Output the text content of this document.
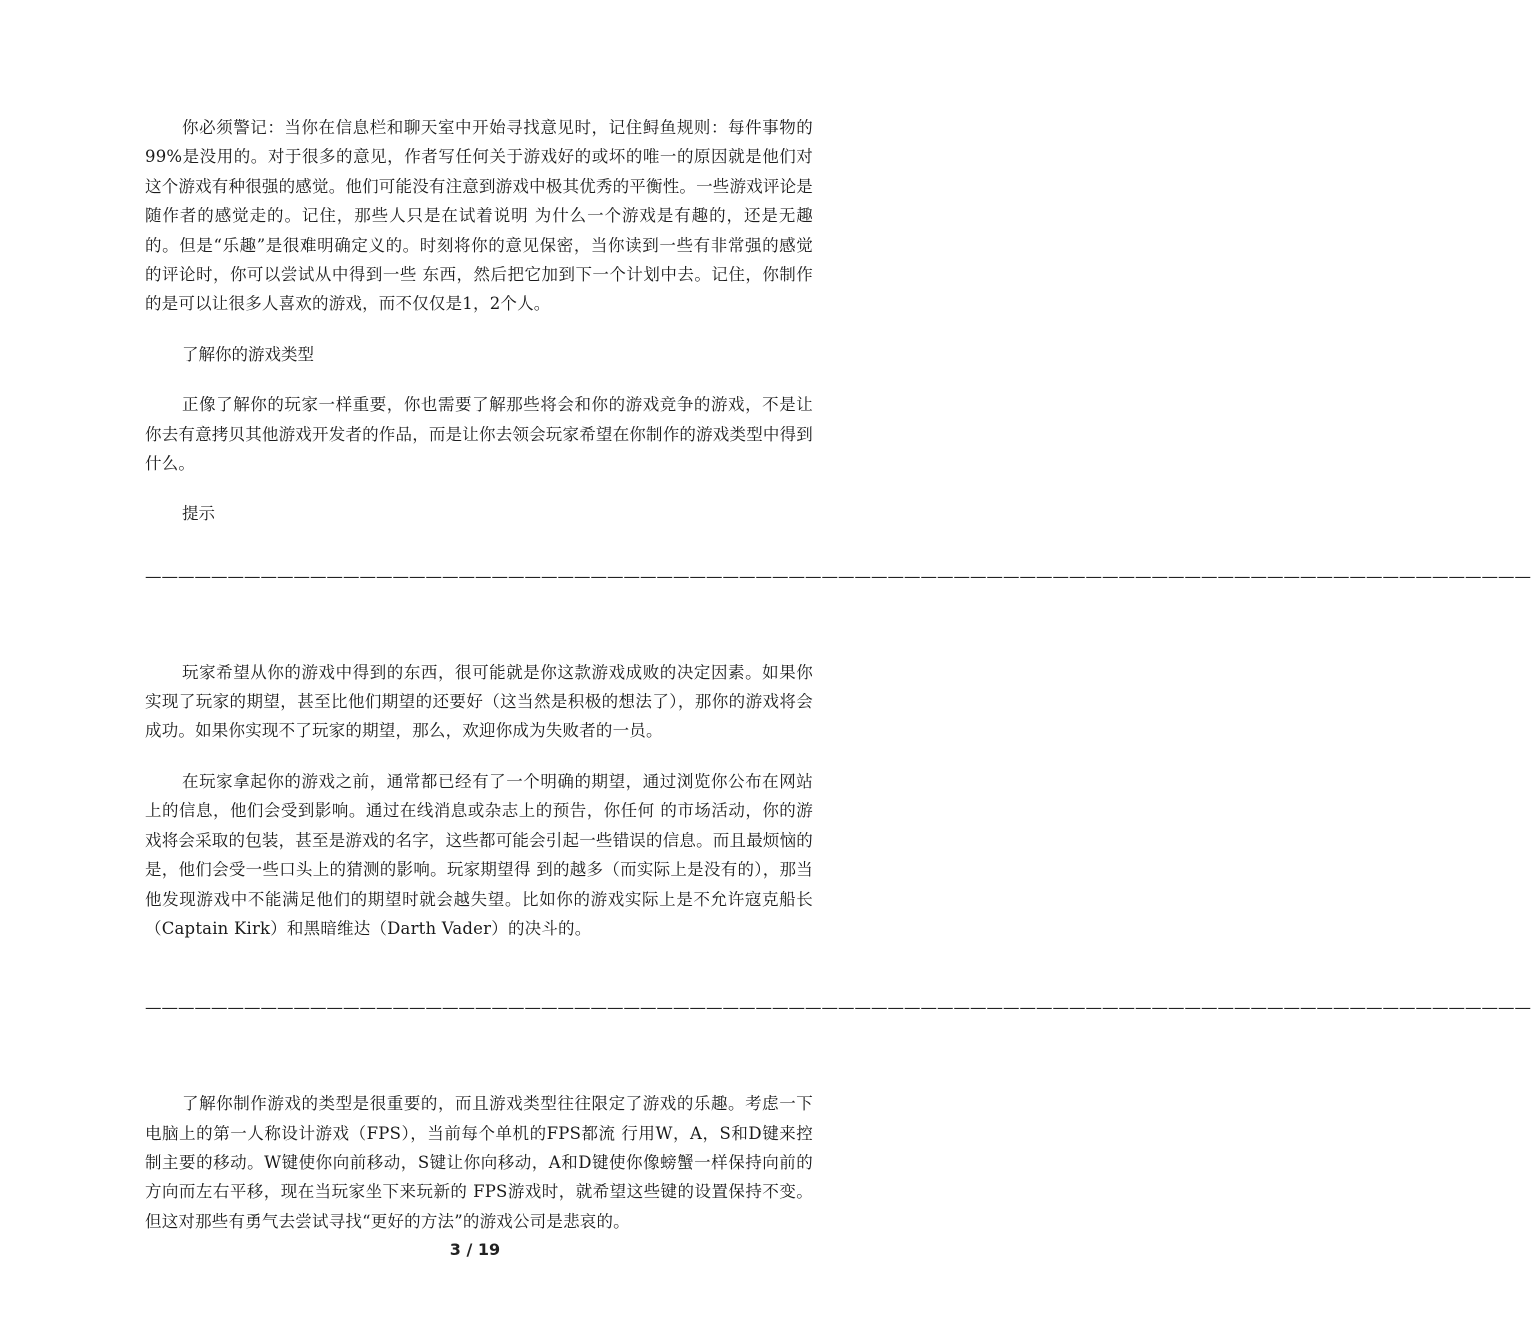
你必须警记：当你在信息栏和聊天室中开始寻找意见时，记住鲟鱼规则：每件事物的99%是没用的。对于很多的意见，作者写任何关于游戏好的或坏的唯一的原因就是他们对这个游戏有种很强的感觉。他们可能没有注意到游戏中极其优秀的平衡性。一些游戏评论是随作者的感觉走的。记住，那些人只是在试着说明 为什么一个游戏是有趣的，还是无趣的。但是“乐趣”是很难明确定义的。时刻将你的意见保密，当你读到一些有非常强的感觉的评论时，你可以尝试从中得到一些 东西，然后把它加到下一个计划中去。记住，你制作的是可以让很多人喜欢的游戏，而不仅仅是1，2个人。

了解你的游戏类型

正像了解你的玩家一样重要，你也需要了解那些将会和你的游戏竞争的游戏，不是让你去有意拷贝其他游戏开发者的作品，而是让你去领会玩家希望在你制作的游戏类型中得到什么。

提示

————————————————————————————————————————————————————————————————————————————————————

玩家希望从你的游戏中得到的东西，很可能就是你这款游戏成败的决定因素。如果你实现了玩家的期望，甚至比他们期望的还要好（这当然是积极的想法了），那你的游戏将会成功。如果你实现不了玩家的期望，那么，欢迎你成为失败者的一员。

在玩家拿起你的游戏之前，通常都已经有了一个明确的期望，通过浏览你公布在网站上的信息，他们会受到影响。通过在线消息或杂志上的预告，你任何 的市场活动，你的游戏将会采取的包装，甚至是游戏的名字，这些都可能会引起一些错误的信息。而且最烦恼的是，他们会受一些口头上的猜测的影响。玩家期望得 到的越多（而实际上是没有的），那当他发现游戏中不能满足他们的期望时就会越失望。比如你的游戏实际上是不允许寇克船长（Captain Kirk）和黑暗维达（Darth Vader）的决斗的。

————————————————————————————————————————————————————————————————————————————————————

了解你制作游戏的类型是很重要的，而且游戏类型往往限定了游戏的乐趣。考虑一下电脑上的第一人称设计游戏（FPS），当前每个单机的FPS都流 行用W，A，S和D键来控制主要的移动。W键使你向前移动，S键让你向移动，A和D键使你像螃蟹一样保持向前的方向而左右平移，现在当玩家坐下来玩新的 FPS游戏时，就希望这些键的设置保持不变。但这对那些有勇气去尝试寻找“更好的方法”的游戏公司是悲哀的。

3 / 19
